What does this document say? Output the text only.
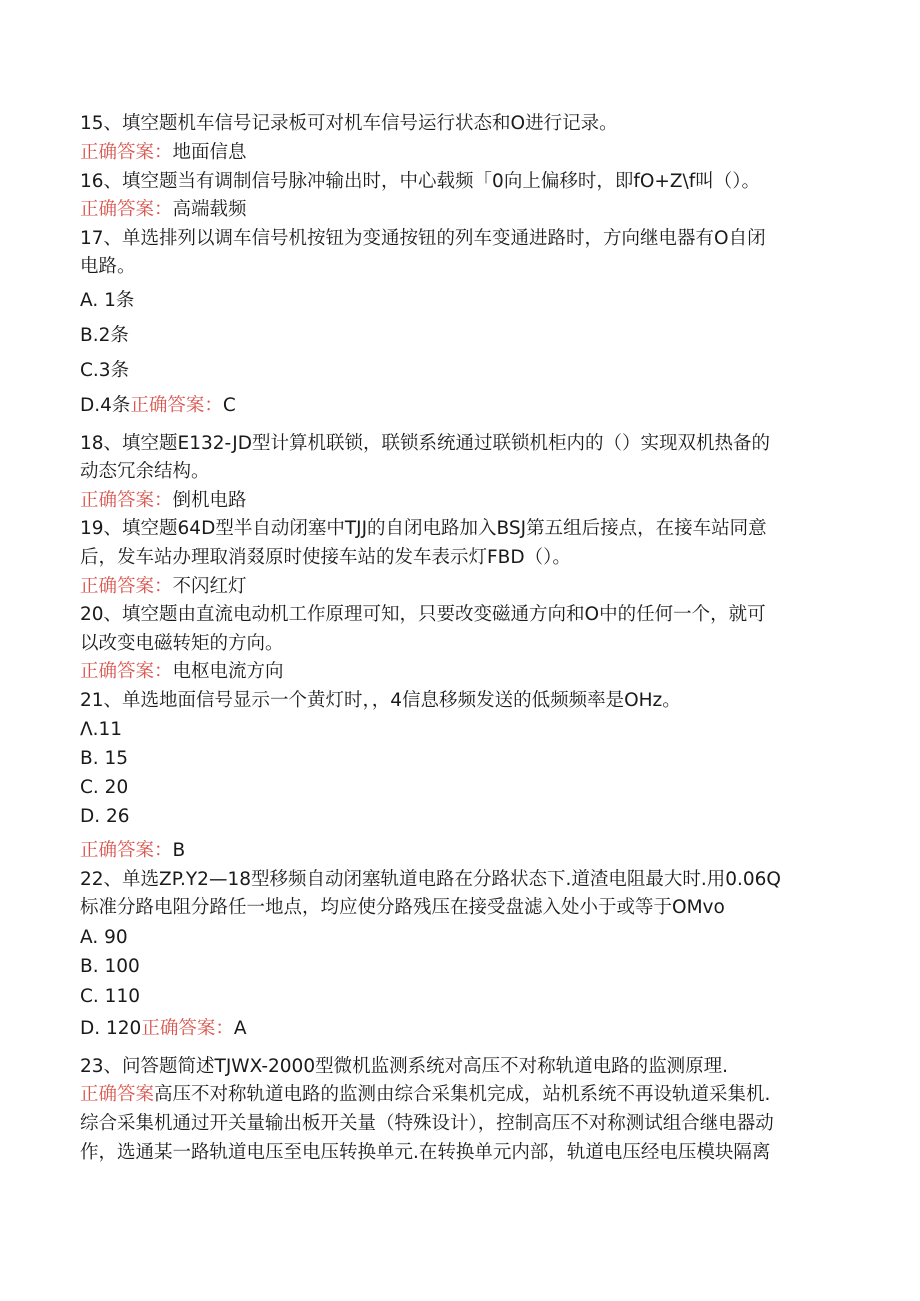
15、填空题机车信号记录板可对机车信号运行状态和O进行记录。
正确答案：地面信息
16、填空题当有调制信号脉冲输出时，中心载频「0向上偏移时，即fO+Z\f叫（）。
正确答案：高端载频
17、单选排列以调车信号机按钮为变通按钮的列车变通进路时，方向继电器有O自闭
电路。
A. 1条
B.2条
C.3条
D.4条正确答案：C
18、填空题E132-JD型计算机联锁，联锁系统通过联锁机柜内的（）实现双机热备的
动态冗余结构。
正确答案：倒机电路
19、填空题64D型半自动闭塞中TJJ的自闭电路加入BSJ第五组后接点，在接车站同意
后，发车站办理取消叕原时使接车站的发车表示灯FBD（）。
正确答案：不闪红灯
20、填空题由直流电动机工作原理可知，只要改变磁通方向和O中的任何一个，就可
以改变电磁转矩的方向。
正确答案：电枢电流方向
21、单选地面信号显示一个黄灯时，，4信息移频发送的低频频率是OHz。
Λ.11
B. 15
C. 20
D. 26
正确答案：B
22、单选ZP.Y2—18型移频自动闭塞轨道电路在分路状态下.道渣电阻最大时.用0.06Q
标准分路电阻分路任一地点，均应使分路残压在接受盘滤入处小于或等于OMvo
A. 90
B. 100
C. 110
D. 120正确答案：A
23、问答题简述TJWX-2000型微机监测系统对高压不对称轨道电路的监测原理.
正确答案高压不对称轨道电路的监测由综合采集机完成，站机系统不再设轨道采集机.
综合采集机通过开关量输出板开关量（特殊设计），控制高压不对称测试组合继电器动
作，选通某一路轨道电压至电压转换单元.在转换单元内部，轨道电压经电压模块隔离
